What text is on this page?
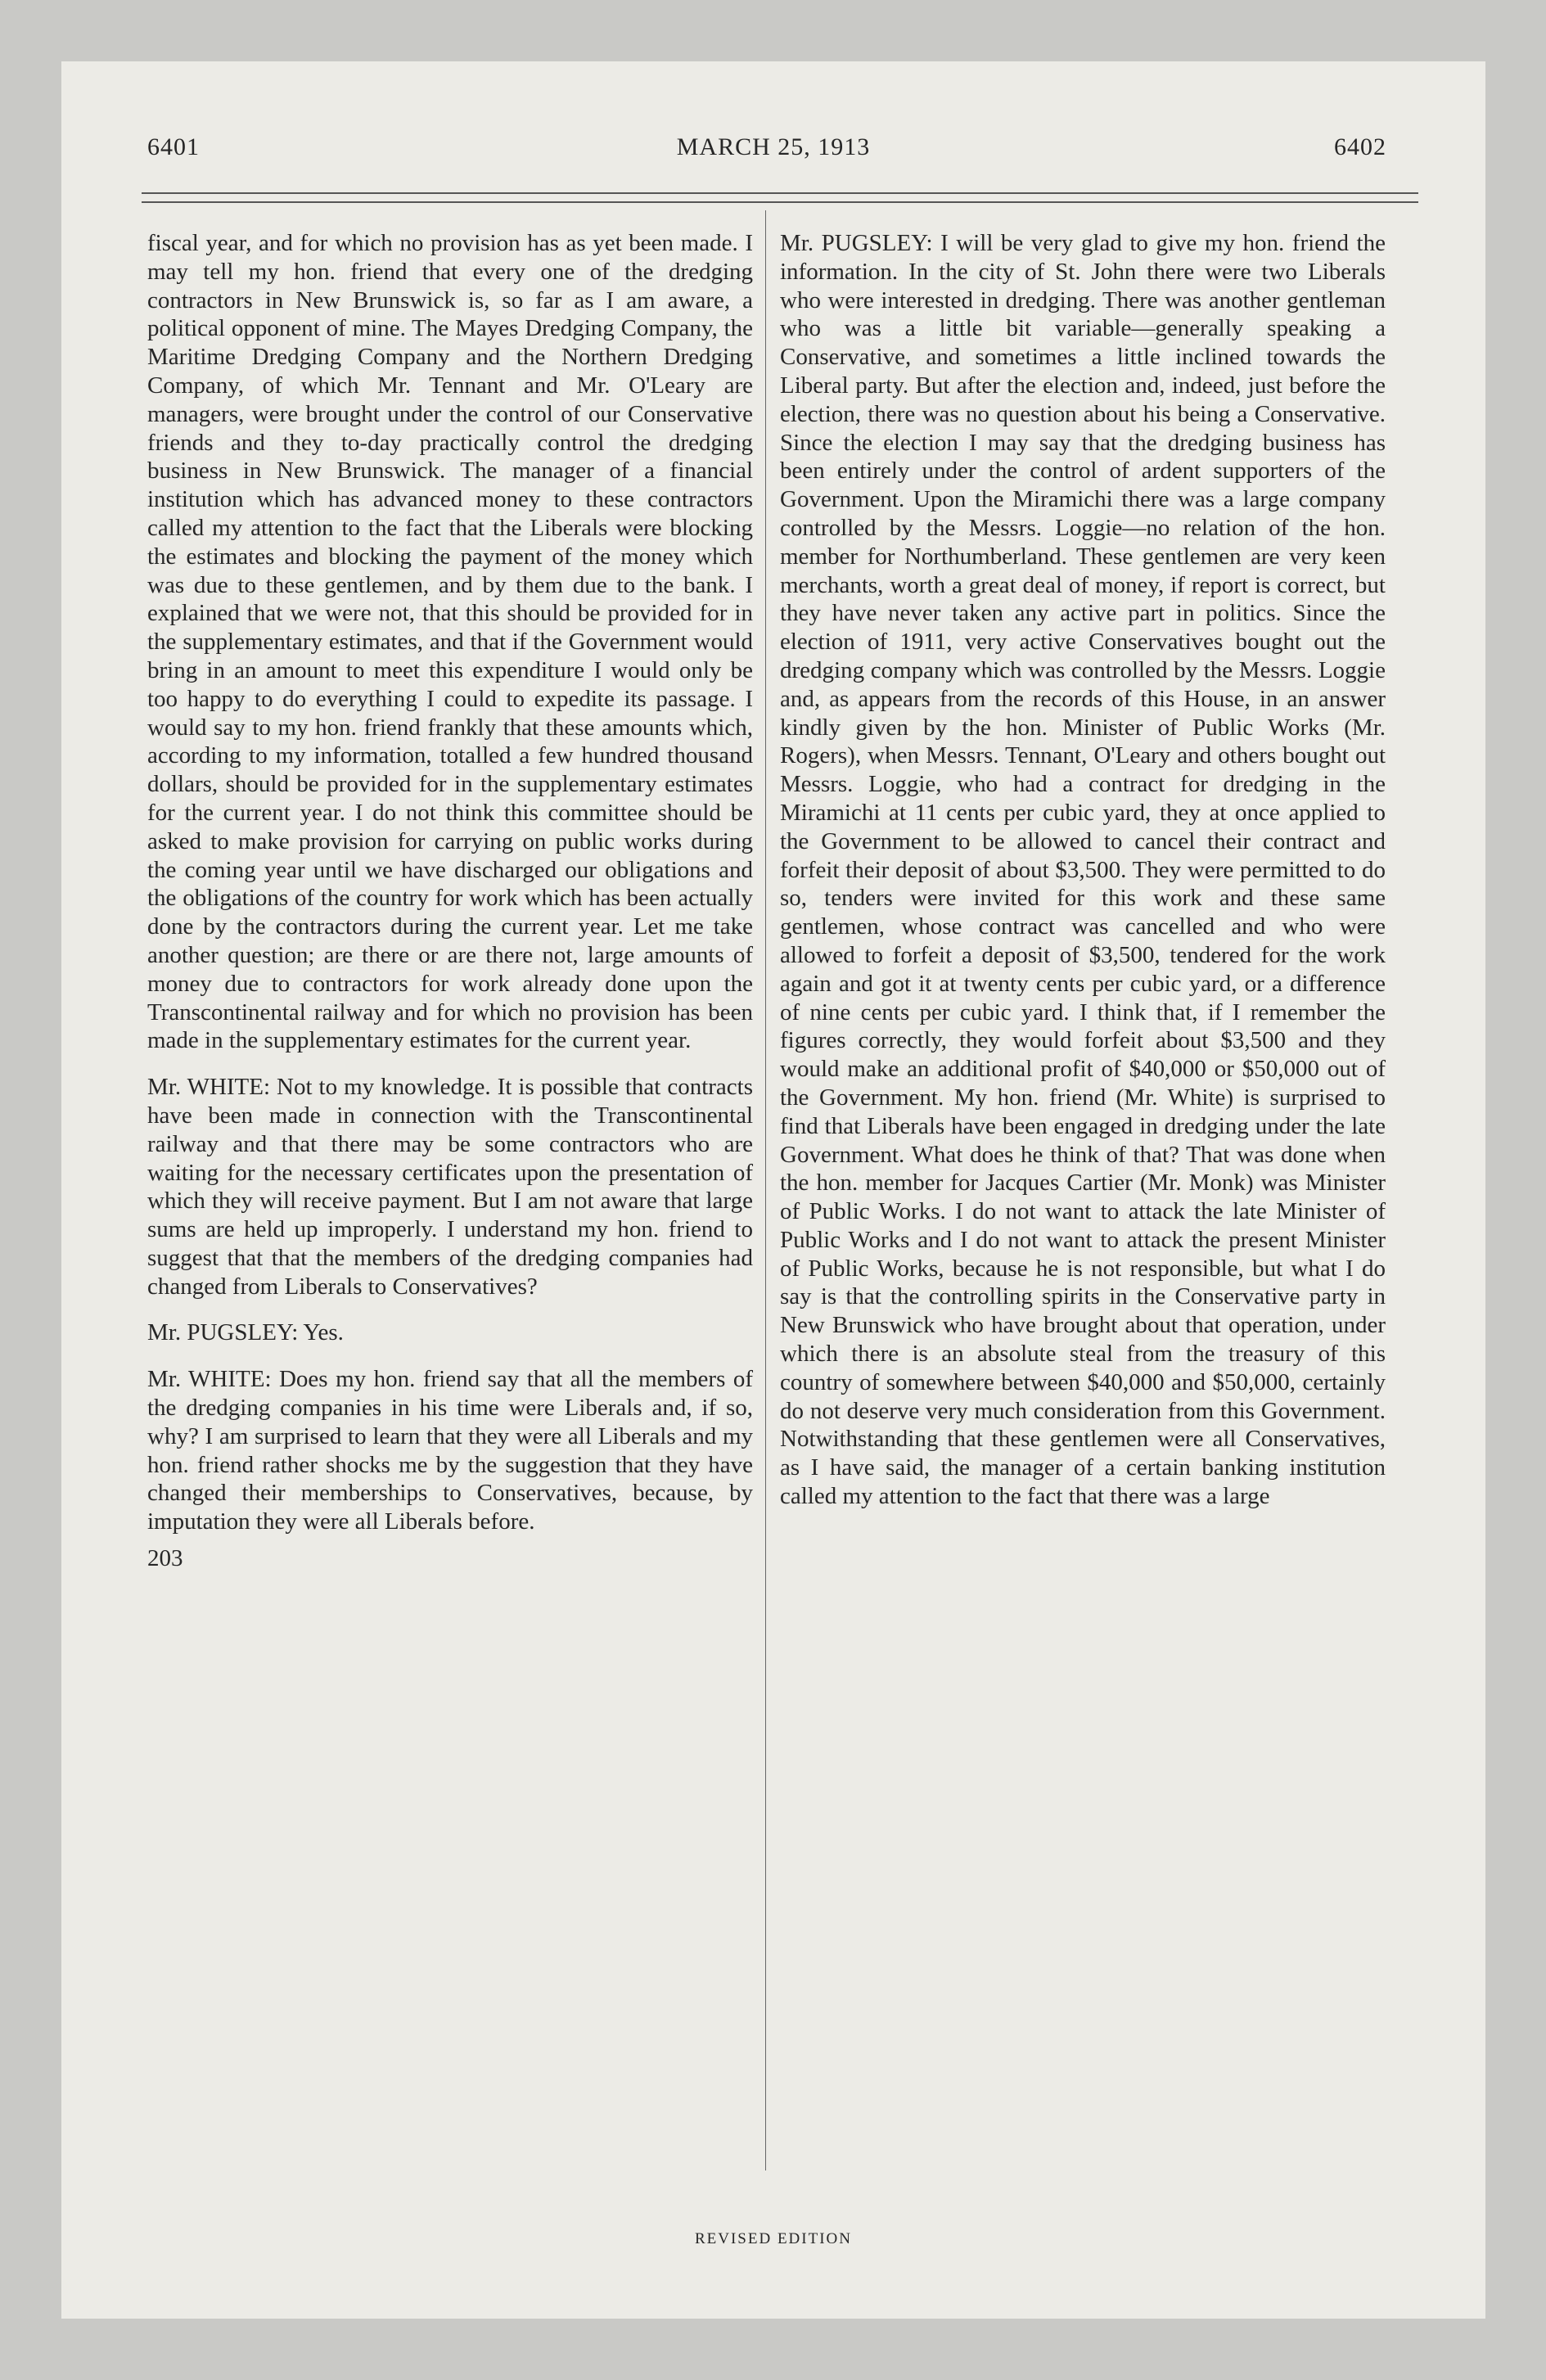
6401	MARCH 25, 1913	6402

fiscal year, and for which no provision has as yet been made. I may tell my hon. friend that every one of the dredging contractors in New Brunswick is, so far as I am aware, a political opponent of mine. The Mayes Dredging Company, the Maritime Dredging Company and the Northern Dredging Company, of which Mr. Tennant and Mr. O'Leary are managers, were brought under the control of our Conservative friends and they to-day practically control the dredging business in New Brunswick. The manager of a financial institution which has advanced money to these contractors called my attention to the fact that the Liberals were blocking the estimates and blocking the payment of the money which was due to these gentlemen, and by them due to the bank. I explained that we were not, that this should be provided for in the supplementary estimates, and that if the Government would bring in an amount to meet this expenditure I would only be too happy to do everything I could to expedite its passage. I would say to my hon. friend frankly that these amounts which, according to my information, totalled a few hundred thousand dollars, should be provided for in the supplementary estimates for the current year. I do not think this committee should be asked to make provision for carrying on public works during the coming year until we have discharged our obligations and the obligations of the country for work which has been actually done by the contractors during the current year. Let me take another question; are there or are there not, large amounts of money due to contractors for work already done upon the Transcontinental railway and for which no provision has been made in the supplementary estimates for the current year.

Mr. WHITE: Not to my knowledge. It is possible that contracts have been made in connection with the Transcontinental railway and that there may be some contractors who are waiting for the necessary certificates upon the presentation of which they will receive payment. But I am not aware that large sums are held up improperly. I understand my hon. friend to suggest that that the members of the dredging companies had changed from Liberals to Conservatives?

Mr. PUGSLEY: Yes.

Mr. WHITE: Does my hon. friend say that all the members of the dredging companies in his time were Liberals and, if so, why? I am surprised to learn that they were all Liberals and my hon. friend rather shocks me by the suggestion that they have changed their memberships to Conservatives, because, by imputation they were all Liberals before.

203

Mr. PUGSLEY: I will be very glad to give my hon. friend the information. In the city of St. John there were two Liberals who were interested in dredging. There was another gentleman who was a little bit variable—generally speaking a Conservative, and sometimes a little inclined towards the Liberal party. But after the election and, indeed, just before the election, there was no question about his being a Conservative. Since the election I may say that the dredging business has been entirely under the control of ardent supporters of the Government. Upon the Miramichi there was a large company controlled by the Messrs. Loggie—no relation of the hon. member for Northumberland. These gentlemen are very keen merchants, worth a great deal of money, if report is correct, but they have never taken any active part in politics. Since the election of 1911, very active Conservatives bought out the dredging company which was controlled by the Messrs. Loggie and, as appears from the records of this House, in an answer kindly given by the hon. Minister of Public Works (Mr. Rogers), when Messrs. Tennant, O'Leary and others bought out Messrs. Loggie, who had a contract for dredging in the Miramichi at 11 cents per cubic yard, they at once applied to the Government to be allowed to cancel their contract and forfeit their deposit of about $3,500. They were permitted to do so, tenders were invited for this work and these same gentlemen, whose contract was cancelled and who were allowed to forfeit a deposit of $3,500, tendered for the work again and got it at twenty cents per cubic yard, or a difference of nine cents per cubic yard. I think that, if I remember the figures correctly, they would forfeit about $3,500 and they would make an additional profit of $40,000 or $50,000 out of the Government. My hon. friend (Mr. White) is surprised to find that Liberals have been engaged in dredging under the late Government. What does he think of that? That was done when the hon. member for Jacques Cartier (Mr. Monk) was Minister of Public Works. I do not want to attack the late Minister of Public Works and I do not want to attack the present Minister of Public Works, because he is not responsible, but what I do say is that the controlling spirits in the Conservative party in New Brunswick who have brought about that operation, under which there is an absolute steal from the treasury of this country of somewhere between $40,000 and $50,000, certainly do not deserve very much consideration from this Government. Notwithstanding that these gentlemen were all Conservatives, as I have said, the manager of a certain banking institution called my attention to the fact that there was a large

REVISED EDITION
